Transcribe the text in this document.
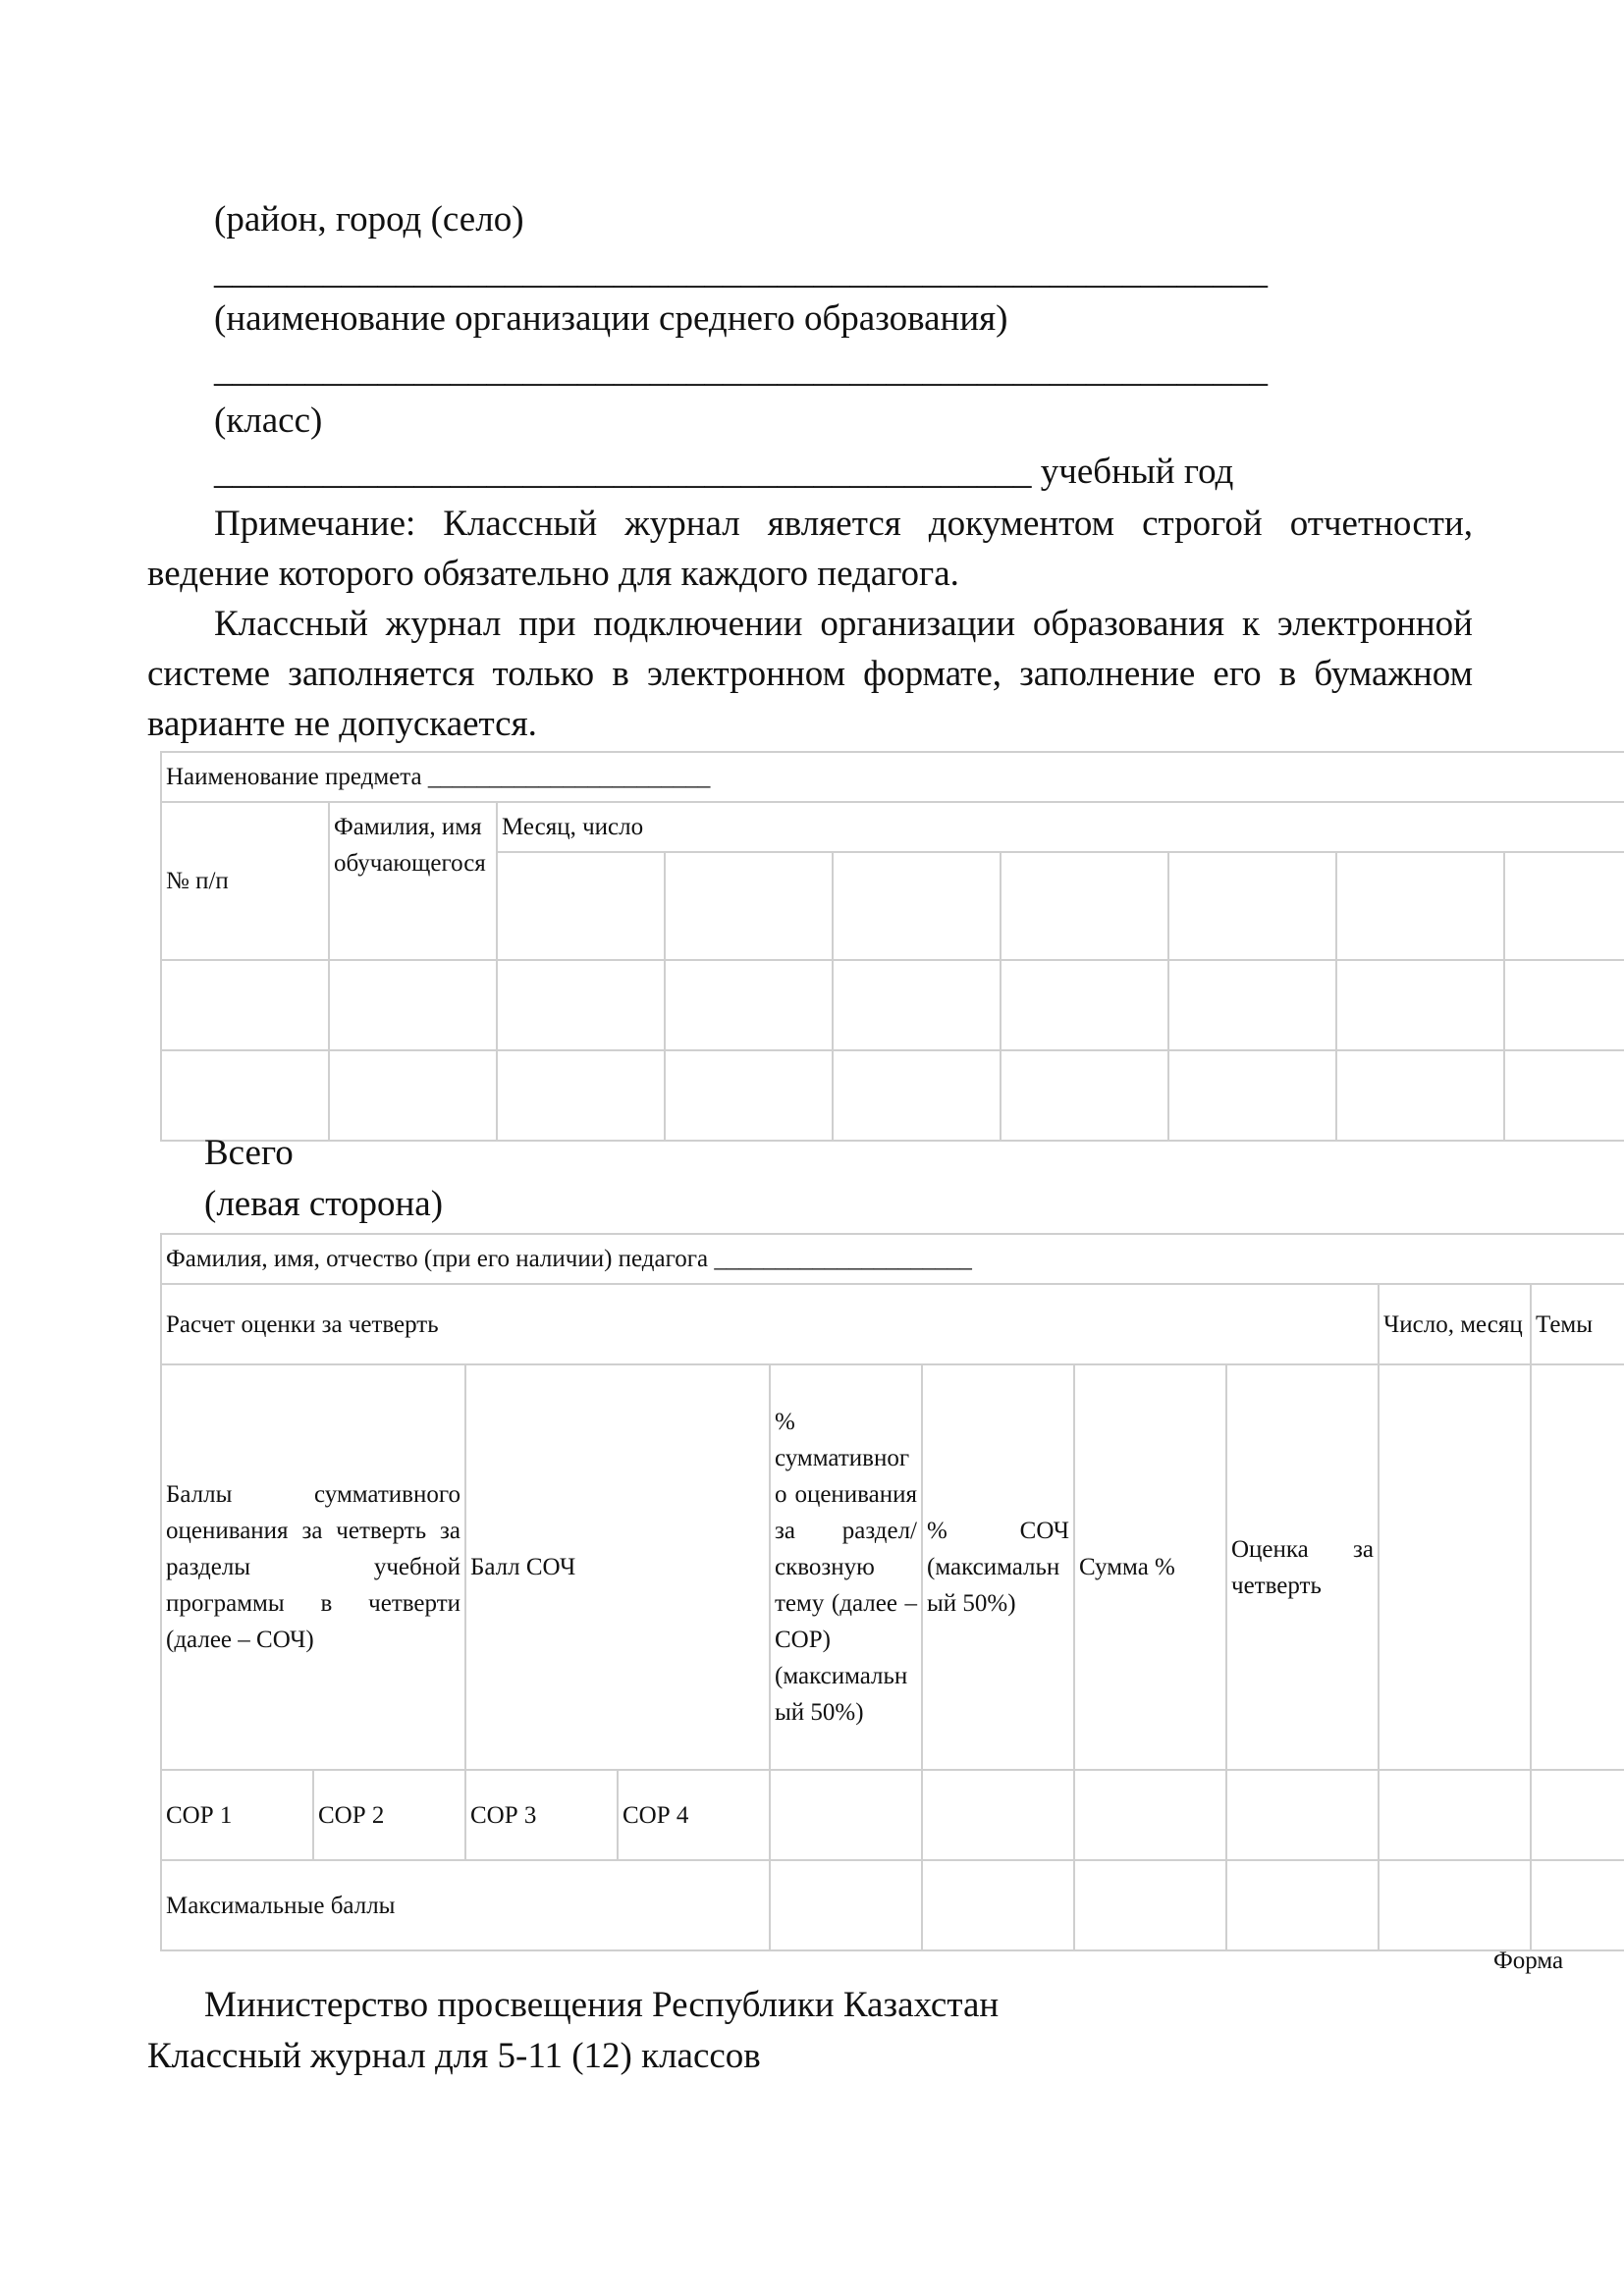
(район, город (село)
__________________________________________________________
(наименование организации среднего образования)
__________________________________________________________
(класс)
_____________________________________________ учебный год
Примечание: Классный журнал является документом строгой отчетности, ведение которого обязательно для каждого педагога.
Классный журнал при подключении организации образования к электронной системе заполняется только в электронном формате, заполнение его в бумажном варианте не допускается.
Наименование предмета _______________________								
№ п/п	Фамилия, имя обучающегося	Месяц, число						

Всего
(левая сторона)
Фамилия, имя, отчество (при его наличии) педагога _____________________									
Расчет оценки за четверть								Число, месяц	Темы
Баллы суммативного оценивания за четверть за разделы учебной программы в четверти (далее – СОЧ)		Балл СОЧ		% суммативного оценивания за раздел/сквозную тему (далее – СОР) (максимальный 50%)	% СОЧ (максимальный 50%)	Сумма %	Оценка за четверть		
СОР 1	СОР 2	СОР 3	СОР 4						
Максимальные баллы									
Форма
Министерство просвещения Республики Казахстан
Классный журнал для 5-11 (12) классов
